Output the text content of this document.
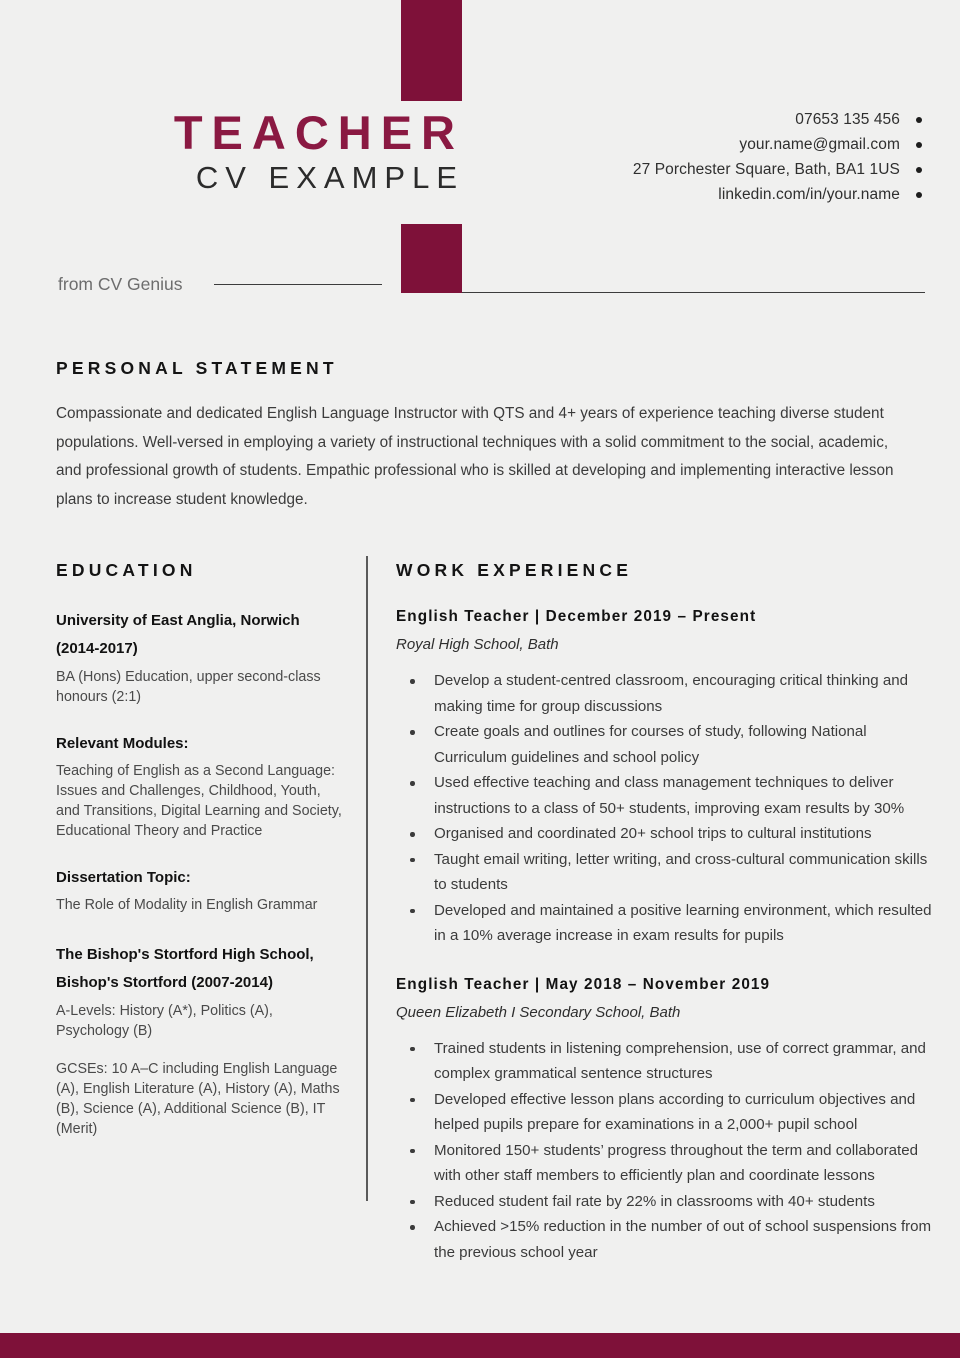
TEACHER
CV EXAMPLE
07653 135 456
your.name@gmail.com
27 Porchester Square, Bath, BA1 1US
linkedin.com/in/your.name
from CV Genius
PERSONAL STATEMENT
Compassionate and dedicated English Language Instructor with QTS and 4+ years of experience teaching diverse student populations. Well-versed in employing a variety of instructional techniques with a solid commitment to the social, academic, and professional growth of students. Empathic professional who is skilled at developing and implementing interactive lesson plans to increase student knowledge.
EDUCATION
University of East Anglia, Norwich (2014-2017)
BA (Hons) Education, upper second-class honours (2:1)
Relevant Modules:
Teaching of English as a Second Language: Issues and Challenges, Childhood, Youth, and Transitions, Digital Learning and Society, Educational Theory and Practice
Dissertation Topic:
The Role of Modality in English Grammar
The Bishop's Stortford High School, Bishop's Stortford (2007-2014)
A-Levels: History (A*), Politics (A), Psychology (B)
GCSEs: 10 A–C including English Language (A), English Literature (A), History (A), Maths (B), Science (A), Additional Science (B), IT (Merit)
WORK EXPERIENCE
English Teacher | December 2019 – Present
Royal High School, Bath
Develop a student-centred classroom, encouraging critical thinking and making time for group discussions
Create goals and outlines for courses of study, following National Curriculum guidelines and school policy
Used effective teaching and class management techniques to deliver instructions to a class of 50+ students, improving exam results by 30%
Organised and coordinated 20+ school trips to cultural institutions
Taught email writing, letter writing, and cross-cultural communication skills to students
Developed and maintained a positive learning environment, which resulted in a 10% average increase in exam results for pupils
English Teacher | May 2018 – November 2019
Queen Elizabeth I Secondary School, Bath
Trained students in listening comprehension, use of correct grammar, and complex grammatical sentence structures
Developed effective lesson plans according to curriculum objectives and helped pupils prepare for examinations in a 2,000+ pupil school
Monitored 150+ students’ progress throughout the term and collaborated with other staff members to efficiently plan and coordinate lessons
Reduced student fail rate by 22% in classrooms with 40+ students
Achieved >15% reduction in the number of out of school suspensions from the previous school year
